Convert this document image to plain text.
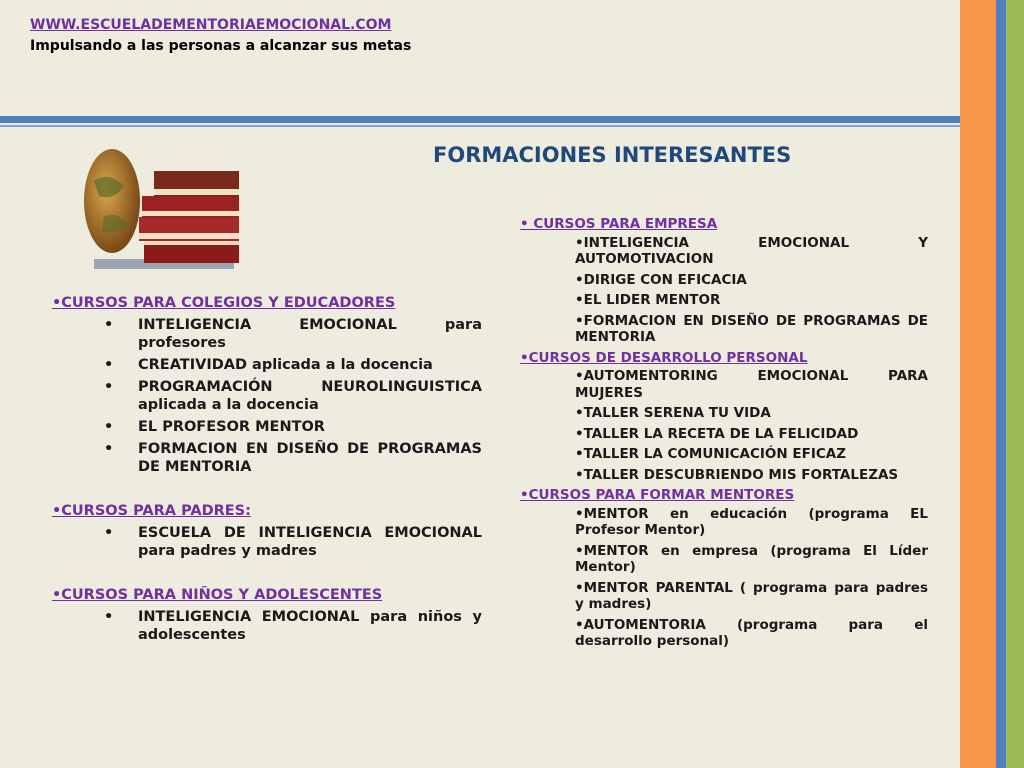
WWW.ESCUELADEMENTORIAEMOCIONAL.COM
Impulsando a las personas a alcanzar sus metas
FORMACIONES INTERESANTES
•CURSOS PARA COLEGIOS Y EDUCADORES
• INTELIGENCIA EMOCIONAL para profesores
• CREATIVIDAD aplicada a la docencia
• PROGRAMACIÓN NEUROLINGUISTICA aplicada a la docencia
• EL PROFESOR MENTOR
• FORMACION EN DISEÑO DE PROGRAMAS DE MENTORIA
•CURSOS PARA PADRES:
• ESCUELA DE INTELIGENCIA EMOCIONAL para padres y madres
•CURSOS PARA NIÑOS Y ADOLESCENTES
• INTELIGENCIA EMOCIONAL para niños y adolescentes
• CURSOS PARA EMPRESA
•INTELIGENCIA EMOCIONAL Y AUTOMOTIVACION
•DIRIGE CON EFICACIA
•EL LIDER MENTOR
•FORMACION EN DISEÑO DE PROGRAMAS DE MENTORIA
•CURSOS DE DESARROLLO PERSONAL
•AUTOMENTORING EMOCIONAL PARA MUJERES
•TALLER SERENA TU VIDA
•TALLER LA RECETA DE LA FELICIDAD
•TALLER LA COMUNICACIÓN EFICAZ
•TALLER DESCUBRIENDO MIS FORTALEZAS
•CURSOS PARA FORMAR MENTORES
•MENTOR en educación (programa EL Profesor Mentor)
•MENTOR en empresa (programa El Líder Mentor)
•MENTOR PARENTAL ( programa para padres y madres)
•AUTOMENTORIA (programa para el desarrollo personal)
